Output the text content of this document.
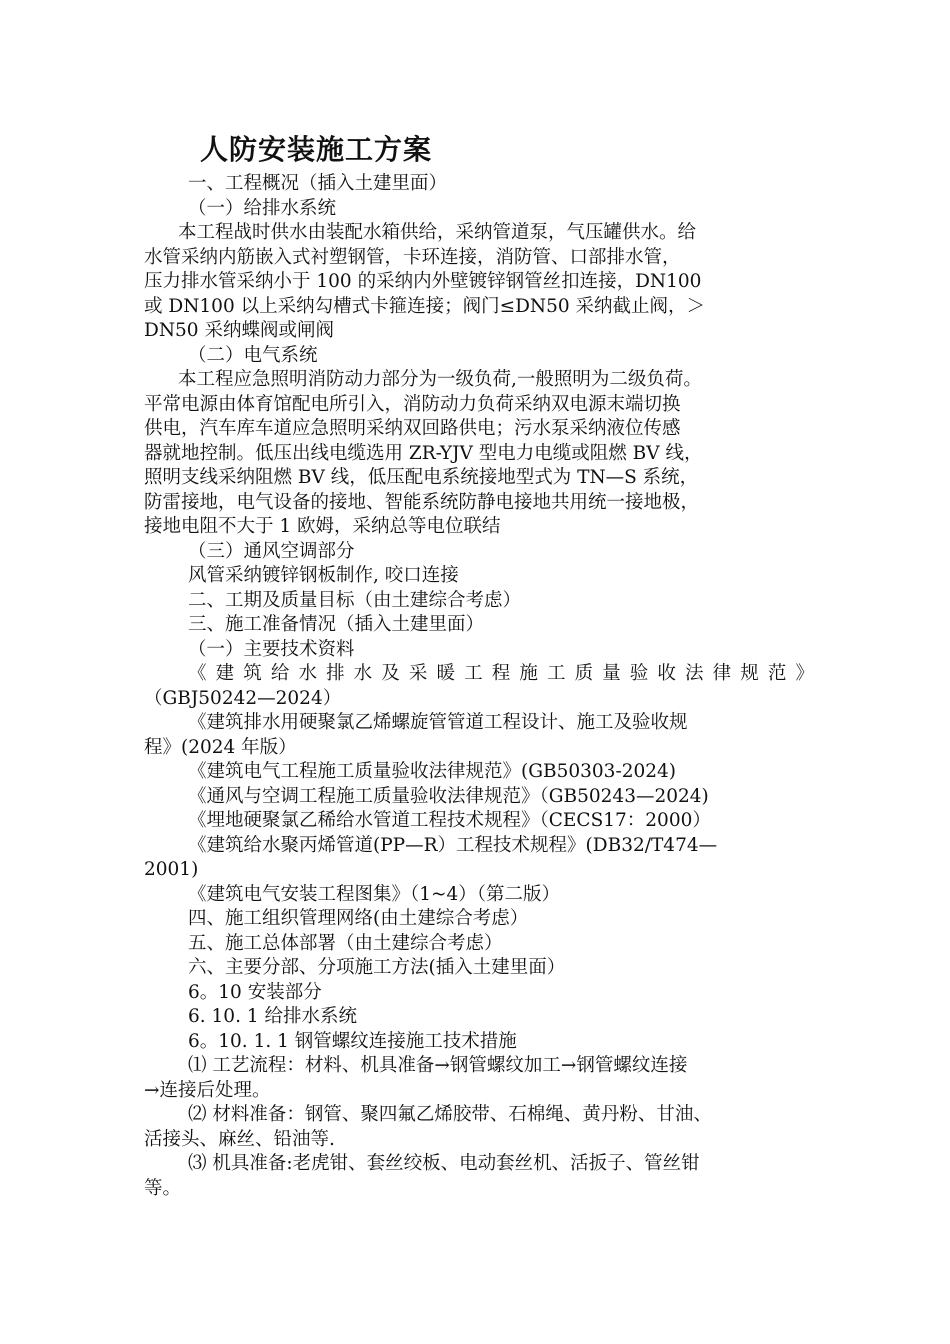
人防安装施工方案
一、工程概况（插入土建里面）
（一）给排水系统
本工程战时供水由装配水箱供给，采纳管道泵，气压罐供水。给
水管采纳内筋嵌入式衬塑钢管，卡环连接，消防管、口部排水管，
压力排水管采纳小于 100 的采纳内外壁镀锌钢管丝扣连接，DN100
或 DN100 以上采纳勾槽式卡箍连接；阀门≤DN50 采纳截止阀，＞
DN50 采纳蝶阀或闸阀
（二）电气系统
本工程应急照明消防动力部分为一级负荷,一般照明为二级负荷。
平常电源由体育馆配电所引入，消防动力负荷采纳双电源末端切换
供电，汽车库车道应急照明采纳双回路供电；污水泵采纳液位传感
器就地控制。低压出线电缆选用 ZR-YJV 型电力电缆或阻燃 BV 线，
照明支线采纳阻燃 BV 线，低压配电系统接地型式为 TN—S 系统，
防雷接地，电气设备的接地、智能系统防静电接地共用统一接地极，
接地电阻不大于 1 欧姆，采纳总等电位联结
（三）通风空调部分
风管采纳镀锌钢板制作, 咬口连接
二、工期及质量目标（由土建综合考虑）
三、施工准备情况（插入土建里面）
（一）主要技术资料
《建筑给水排水及采暖工程施工质量验收法律规范》
（GBJ50242—2024）
《建筑排水用硬聚氯乙烯螺旋管管道工程设计、施工及验收规
程》(2024 年版）
《建筑电气工程施工质量验收法律规范》(GB50303-2024)
《通风与空调工程施工质量验收法律规范》（GB50243—2024)
《埋地硬聚氯乙稀给水管道工程技术规程》（CECS17：2000）
《建筑给水聚丙烯管道(PP—R）工程技术规程》(DB32/T474—
2001)
《建筑电气安装工程图集》（1~4）（第二版）
四、施工组织管理网络(由土建综合考虑）
五、施工总体部署（由土建综合考虑）
六、主要分部、分项施工方法(插入土建里面）
6。10 安装部分
6. 10. 1 给排水系统
6。10. 1. 1 钢管螺纹连接施工技术措施
⑴ 工艺流程：材料、机具准备→钢管螺纹加工→钢管螺纹连接
→连接后处理。
⑵ 材料准备：钢管、聚四氟乙烯胶带、石棉绳、黄丹粉、甘油、
活接头、麻丝、铅油等.
⑶ 机具准备:老虎钳、套丝绞板、电动套丝机、活扳子、管丝钳
等。
